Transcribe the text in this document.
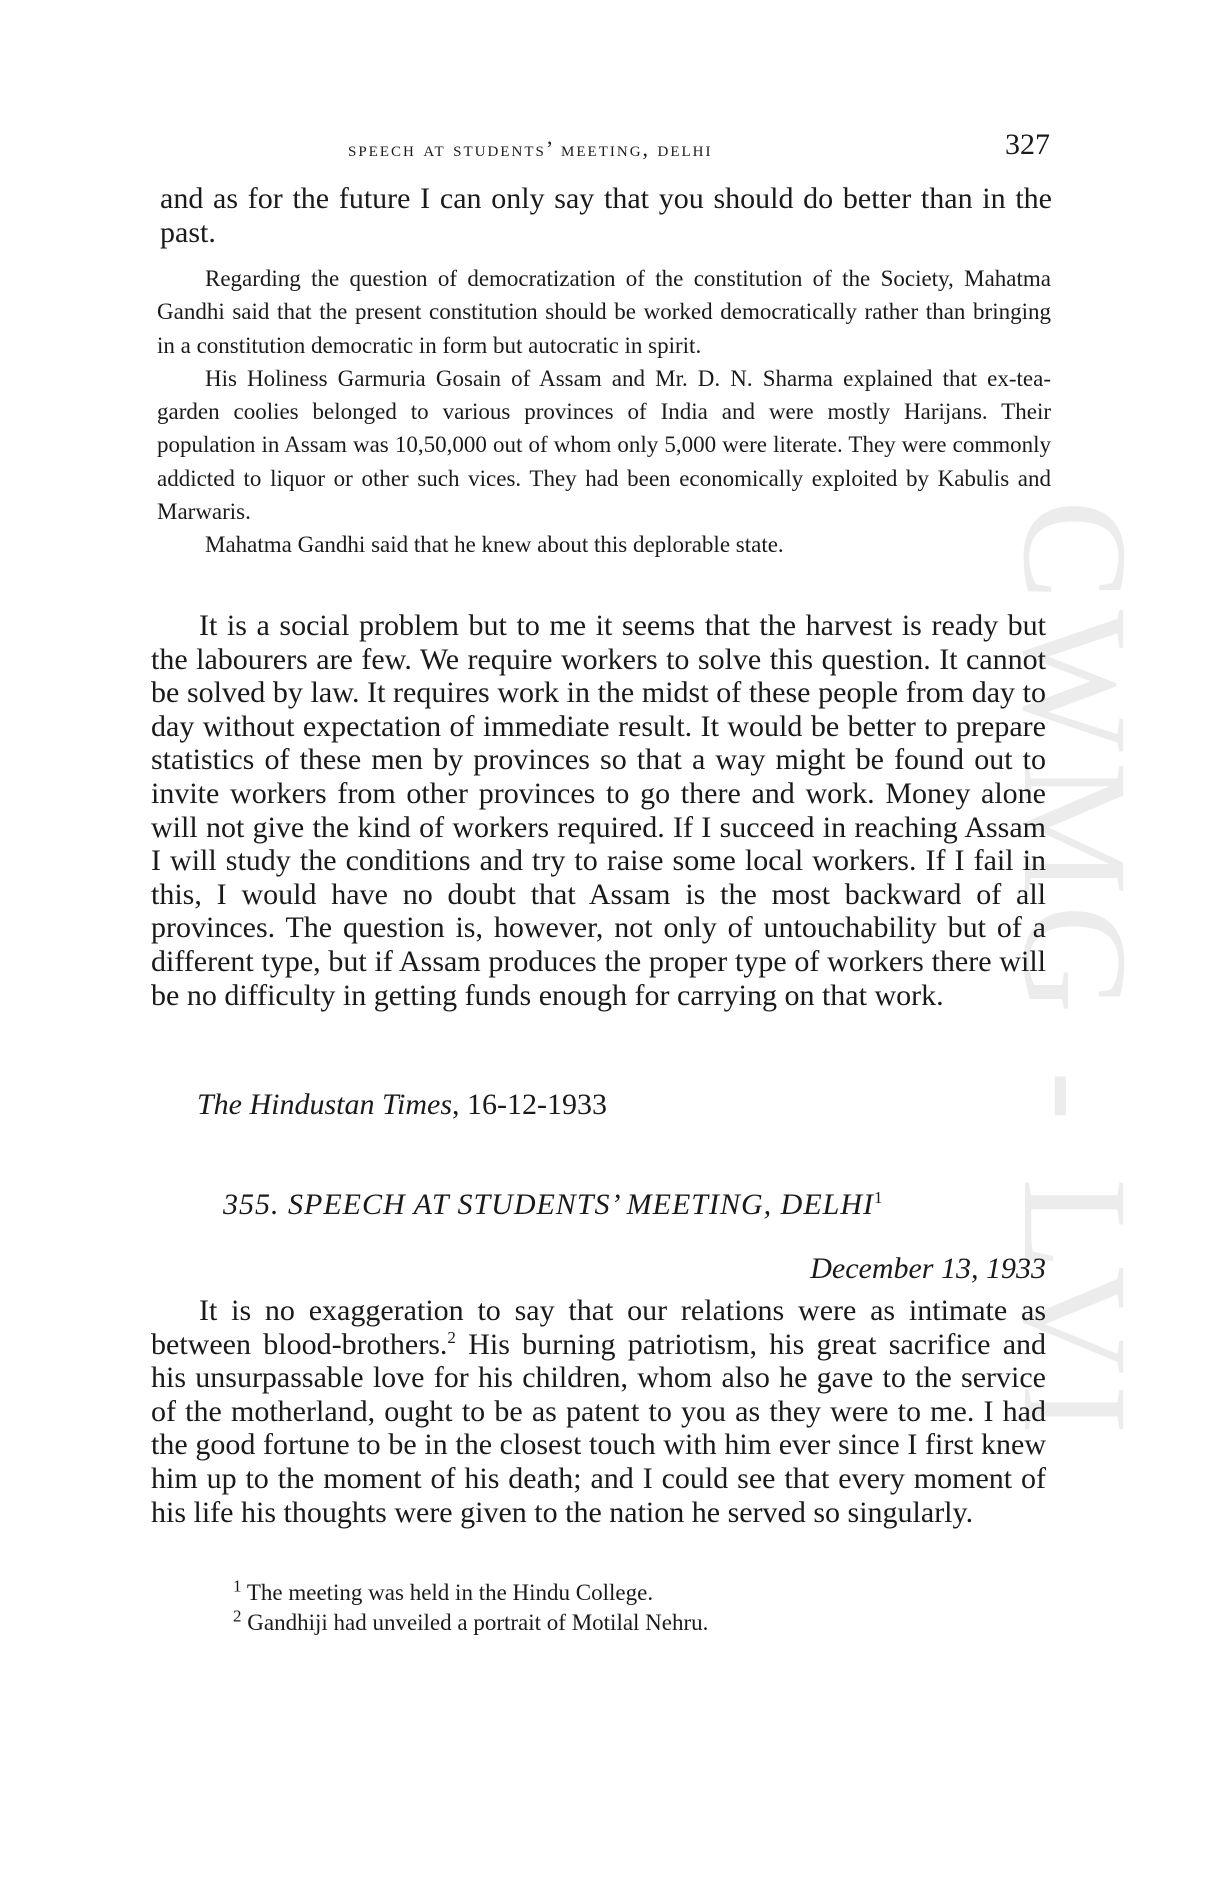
CWMG - LVI
speech at students’ meeting, delhi	327

and as for the future I can only say that you should do better than in the past.

Regarding the question of democratization of the constitution of the Society, Mahatma Gandhi said that the present constitution should be worked democratically rather than bringing in a constitution democratic in form but autocratic in spirit.

His Holiness Garmuria Gosain of Assam and Mr. D. N. Sharma explained that ex-tea-garden coolies belonged to various provinces of India and were mostly Harijans. Their population in Assam was 10,50,000 out of whom only 5,000 were literate. They were commonly addicted to liquor or other such vices. They had been economically exploited by Kabulis and Marwaris.

Mahatma Gandhi said that he knew about this deplorable state.

It is a social problem but to me it seems that the harvest is ready but the labourers are few. We require workers to solve this question. It cannot be solved by law. It requires work in the midst of these people from day to day without expectation of immediate result. It would be better to prepare statistics of these men by provinces so that a way might be found out to invite workers from other provinces to go there and work. Money alone will not give the kind of workers required. If I succeed in reaching Assam I will study the conditions and try to raise some local workers. If I fail in this, I would have no doubt that Assam is the most backward of all provinces. The question is, however, not only of untouchability but of a different type, but if Assam produces the proper type of workers there will be no difficulty in getting funds enough for carrying on that work.

The Hindustan Times, 16-12-1933
355. SPEECH AT STUDENTS’ MEETING, DELHI$^1$
December 13, 1933

It is no exaggeration to say that our relations were as intimate as between blood-brothers.$^2$ His burning patriotism, his great sacrifice and his unsurpassable love for his children, whom also he gave to the service of the motherland, ought to be as patent to you as they were to me. I had the good fortune to be in the closest touch with him ever since I first knew him up to the moment of his death; and I could see that every moment of his life his thoughts were given to the nation he served so singularly.

$^1$ The meeting was held in the Hindu College.

$^2$ Gandhiji had unveiled a portrait of Motilal Nehru.
